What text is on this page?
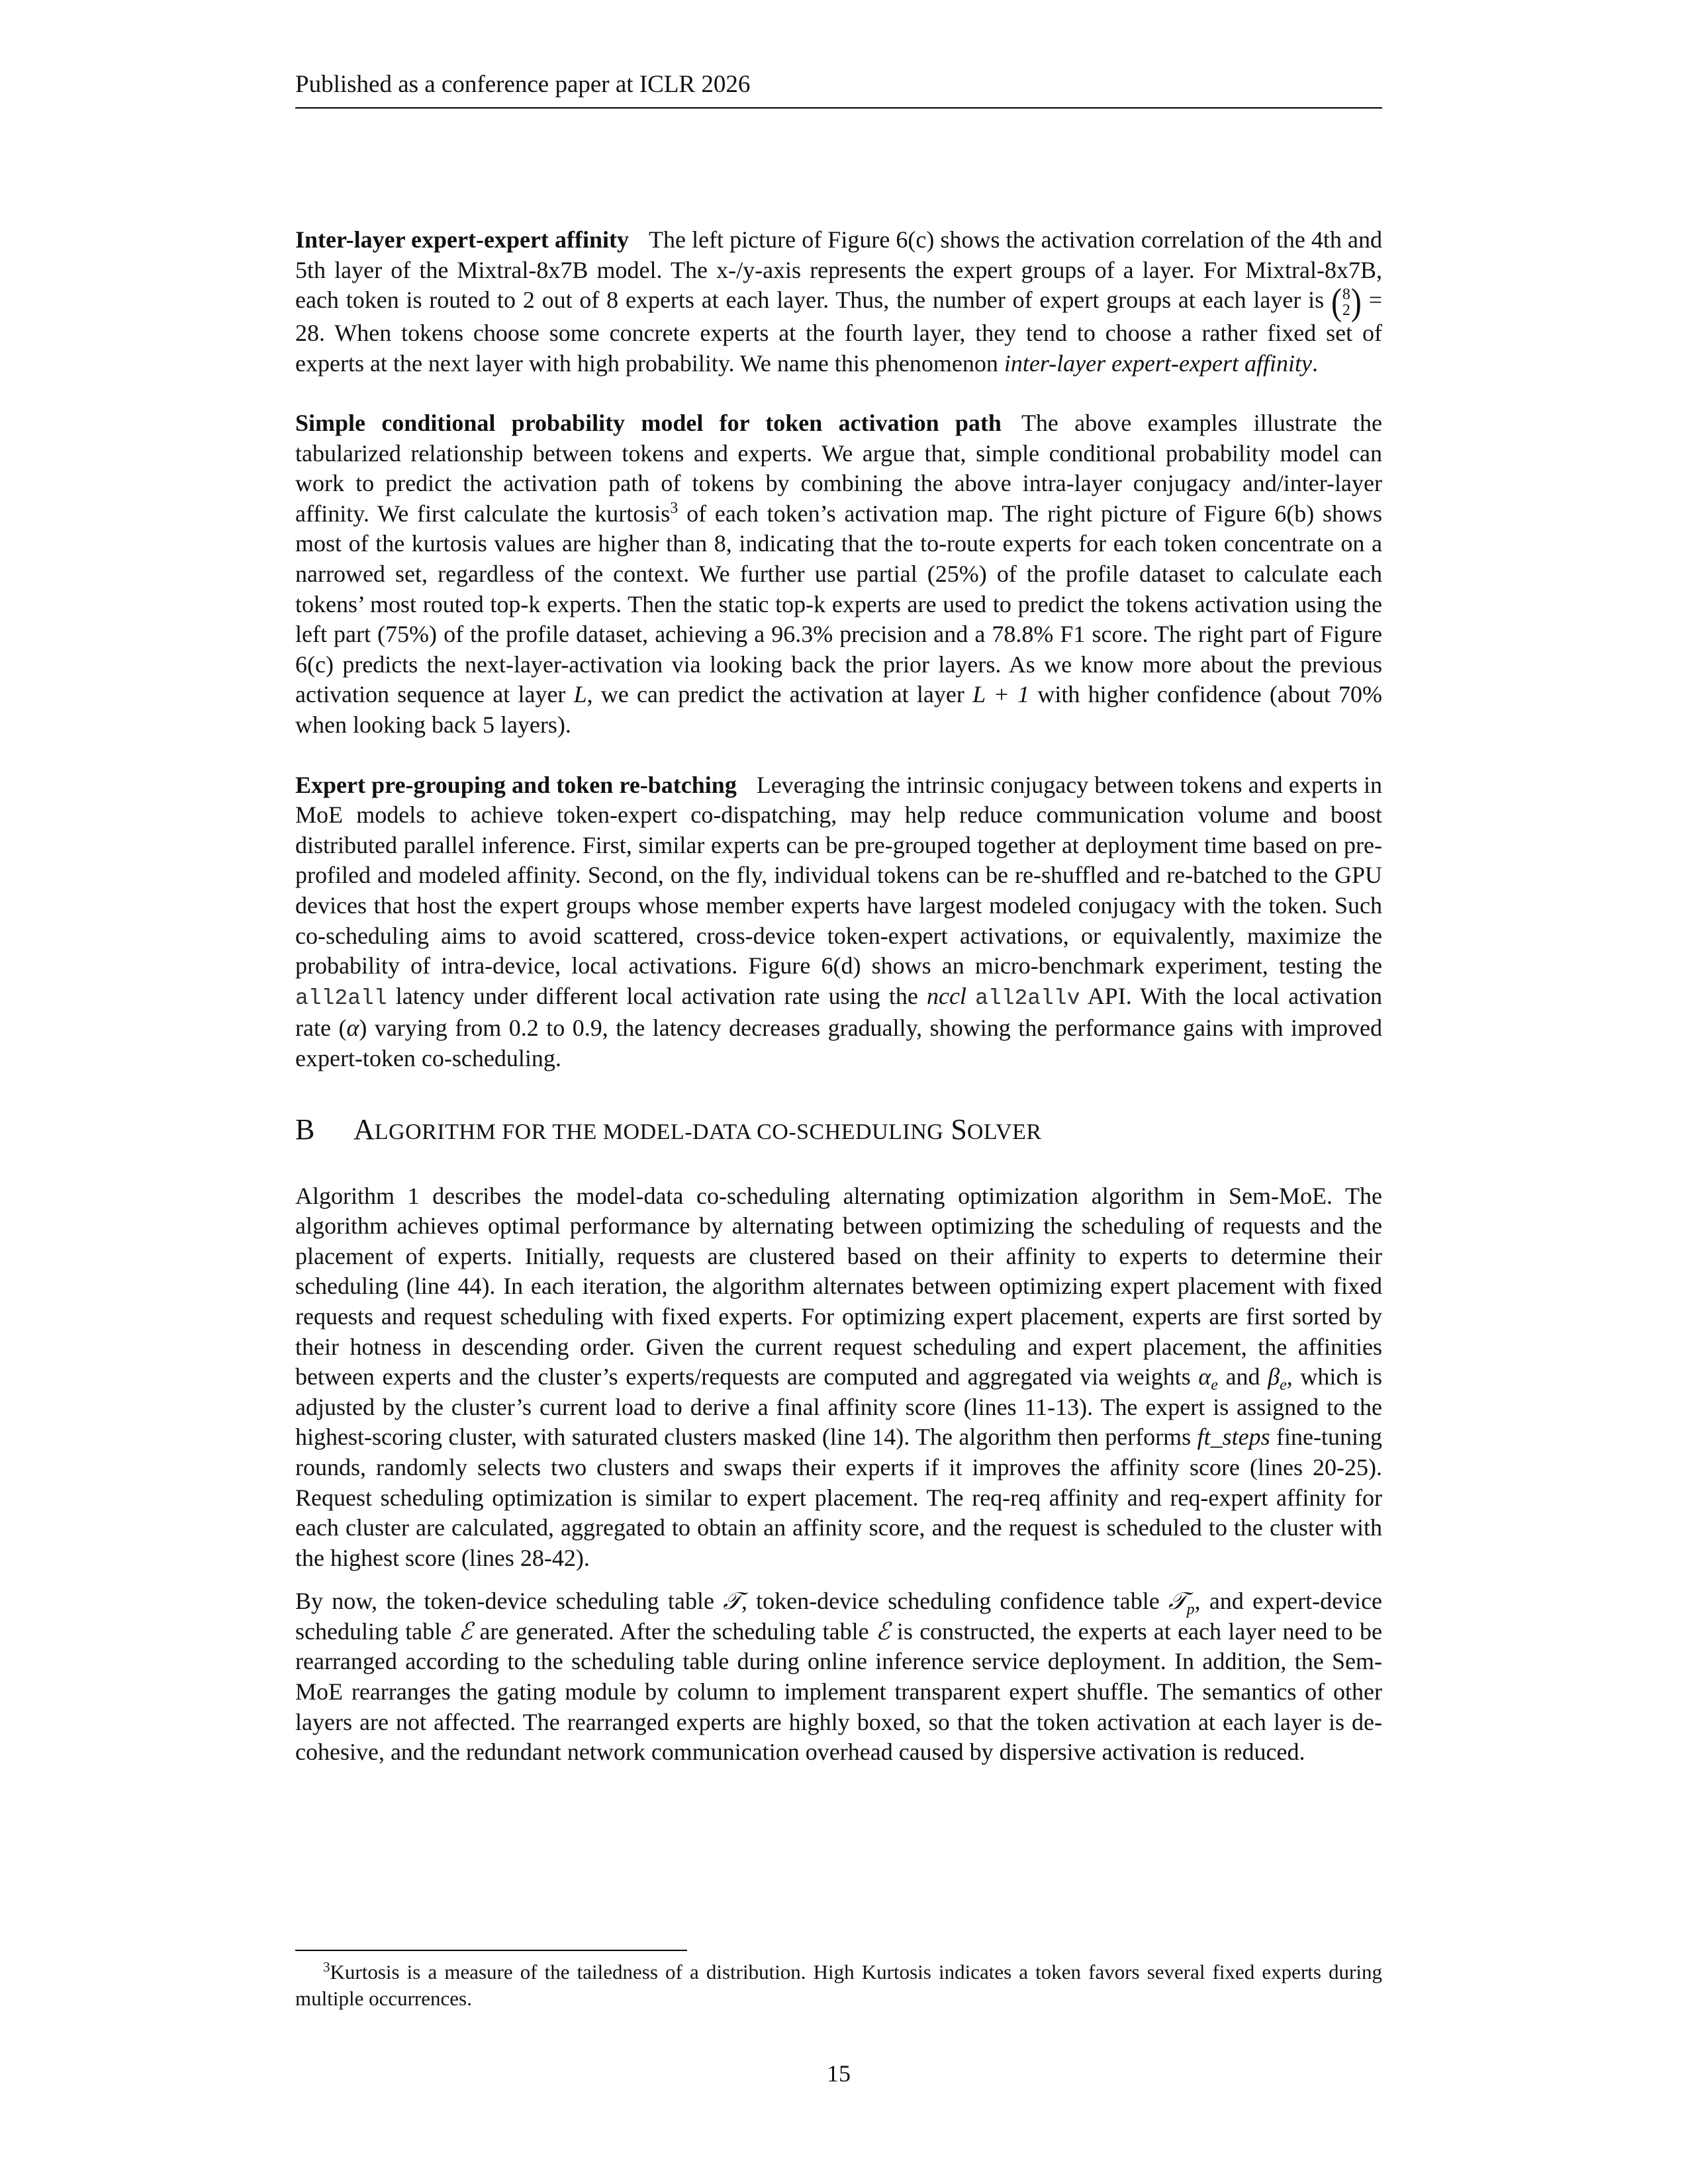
Published as a conference paper at ICLR 2026

Inter-layer expert-expert affinity The left picture of Figure 6(c) shows the activation correlation of the 4th and 5th layer of the Mixtral-8x7B model. The x-/y-axis represents the expert groups of a layer. For Mixtral-8x7B, each token is routed to 2 out of 8 experts at each layer. Thus, the number of expert groups at each layer is ( 8
2 ) = 28. When tokens choose some concrete experts at the fourth layer, they tend to choose a rather fixed set of experts at the next layer with high probability. We name this phenomenon inter-layer expert-expert affinity.

Simple conditional probability model for token activation path The above examples illustrate the tabularized relationship between tokens and experts. We argue that, simple conditional probability model can work to predict the activation path of tokens by combining the above intra-layer conjugacy and/inter-layer affinity. We first calculate the kurtosis$^3$ of each token’s activation map. The right picture of Figure 6(b) shows most of the kurtosis values are higher than 8, indicating that the to-route experts for each token concentrate on a narrowed set, regardless of the context. We further use partial (25%) of the profile dataset to calculate each tokens’ most routed top-k experts. Then the static top-k experts are used to predict the tokens activation using the left part (75%) of the profile dataset, achieving a 96.3% precision and a 78.8% F1 score. The right part of Figure 6(c) predicts the next-layer-activation via looking back the prior layers. As we know more about the previous activation sequence at layer L, we can predict the activation at layer L + 1 with higher confidence (about 70% when looking back 5 layers).

Expert pre-grouping and token re-batching Leveraging the intrinsic conjugacy between tokens and experts in MoE models to achieve token-expert co-dispatching, may help reduce communication volume and boost distributed parallel inference. First, similar experts can be pre-grouped together at deployment time based on pre-profiled and modeled affinity. Second, on the fly, individual tokens can be re-shuffled and re-batched to the GPU devices that host the expert groups whose member experts have largest modeled conjugacy with the token. Such co-scheduling aims to avoid scattered, cross-device token-expert activations, or equivalently, maximize the probability of intra-device, local activations. Figure 6(d) shows an micro-benchmark experiment, testing the all2all latency under different local activation rate using the nccl all2allv API. With the local activation rate (α) varying from 0.2 to 0.9, the latency decreases gradually, showing the performance gains with improved expert-token co-scheduling.

B ALGORITHM FOR THE MODEL-DATA CO-SCHEDULING SOLVER

Algorithm 1 describes the model-data co-scheduling alternating optimization algorithm in Sem-MoE. The algorithm achieves optimal performance by alternating between optimizing the scheduling of requests and the placement of experts. Initially, requests are clustered based on their affinity to experts to determine their scheduling (line 44). In each iteration, the algorithm alternates between optimizing expert placement with fixed requests and request scheduling with fixed experts. For optimizing expert placement, experts are first sorted by their hotness in descending order. Given the current request scheduling and expert placement, the affinities between experts and the cluster’s experts/requests are computed and aggregated via weights $\alpha_e$ and $\beta_e$, which is adjusted by the cluster’s current load to derive a final affinity score (lines 11-13). The expert is assigned to the highest-scoring cluster, with saturated clusters masked (line 14). The algorithm then performs ft_steps fine-tuning rounds, randomly selects two clusters and swaps their experts if it improves the affinity score (lines 20-25). Request scheduling optimization is similar to expert placement. The req-req affinity and req-expert affinity for each cluster are calculated, aggregated to obtain an affinity score, and the request is scheduled to the cluster with the highest score (lines 28-42).

By now, the token-device scheduling table 𝒯, token-device scheduling confidence table 𝒯$_p$, and expert-device scheduling table ℰ are generated. After the scheduling table ℰ is constructed, the experts at each layer need to be rearranged according to the scheduling table during online inference service deployment. In addition, the Sem-MoE rearranges the gating module by column to implement transparent expert shuffle. The semantics of other layers are not affected. The rearranged experts are highly boxed, so that the token activation at each layer is de-cohesive, and the redundant network communication overhead caused by dispersive activation is reduced.

$^3$Kurtosis is a measure of the tailedness of a distribution. High Kurtosis indicates a token favors several fixed experts during multiple occurrences.
15
